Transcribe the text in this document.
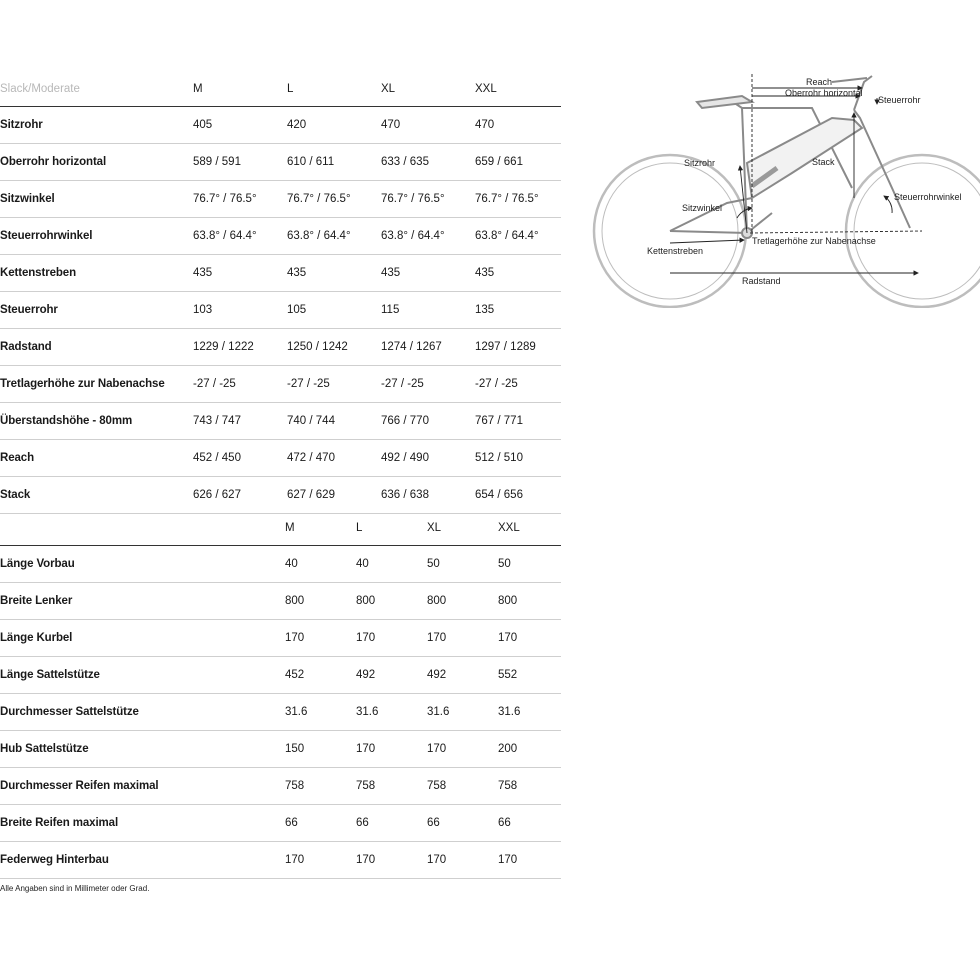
Slack/Moderate	M	L	XL	XXL
Sitzrohr	405	420	470	470
Oberrohr horizontal	589 / 591	610 / 611	633 / 635	659 / 661
Sitzwinkel	76.7° / 76.5°	76.7° / 76.5°	76.7° / 76.5°	76.7° / 76.5°
Steuerrohrwinkel	63.8° / 64.4°	63.8° / 64.4°	63.8° / 64.4°	63.8° / 64.4°
Kettenstreben	435	435	435	435
Steuerrohr	103	105	115	135
Radstand	1229 / 1222	1250 / 1242	1274 / 1267	1297 / 1289
Tretlagerhöhe zur Nabenachse	-27 / -25	-27 / -25	-27 / -25	-27 / -25
Überstandshöhe - 80mm	743 / 747	740 / 744	766 / 770	767 / 771
Reach	452 / 450	472 / 470	492 / 490	512 / 510
Stack	626 / 627	627 / 629	636 / 638	654 / 656
	M	L	XL	XXL
Länge Vorbau	40	40	50	50
Breite Lenker	800	800	800	800
Länge Kurbel	170	170	170	170
Länge Sattelstütze	452	492	492	552
Durchmesser Sattelstütze	31.6	31.6	31.6	31.6
Hub Sattelstütze	150	170	170	200
Durchmesser Reifen maximal	758	758	758	758
Breite Reifen maximal	66	66	66	66
Federweg Hinterbau	170	170	170	170
Alle Angaben sind in Millimeter oder Grad.
Reach
Oberrohr horizontal
Steuerrohr
Sitzrohr	Stack
Sitzwinkel
Steuerrohrwinkel
Tretlagerhöhe zur Nabenachse
Kettenstreben
Radstand
